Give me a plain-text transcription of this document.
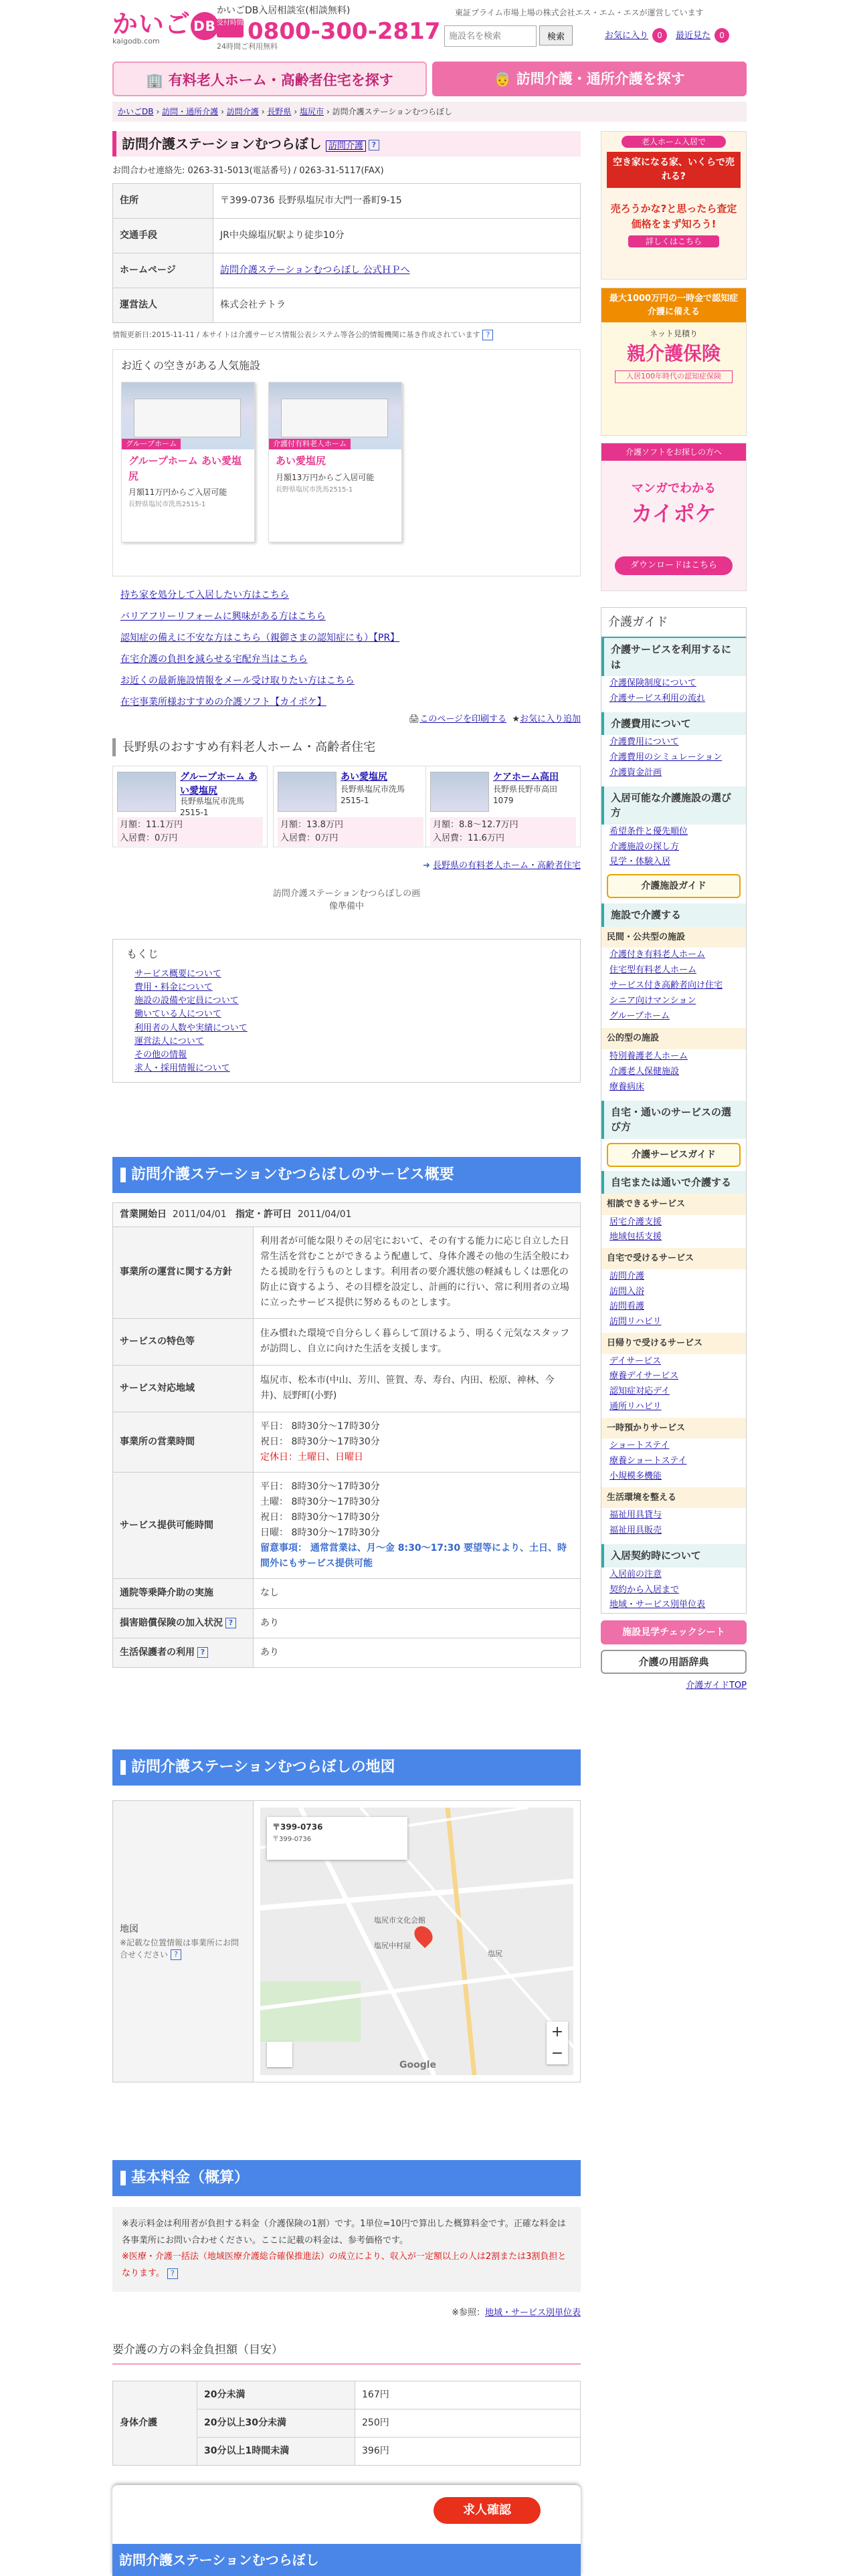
かいご DB
kaigodb.com
かいごDB入居相談室(相談無料)
受付時間 0800-300-2817
24時間ご利用無料
東証プライム市場上場の株式会社エス・エム・エスが運営しています
施設名を検索
検索	お気に入り 0	最近見た 0
🏢 有料老人ホーム・高齢者住宅を探す	👵 訪問介護・通所介護を探す
かいごDB › 訪問・通所介護 › 訪問介護 › 長野県 › 塩尻市 › 訪問介護ステーションむつらぼし
訪問介護ステーションむつらぼし 訪問介護 ?
お問合わせ連絡先: 0263-31-5013(電話番号) / 0263-31-5117(FAX)
住所	〒399-0736 長野県塩尻市大門一番町9-15
交通手段	JR中央線塩尻駅より徒歩10分
ホームページ	訪問介護ステーションむつらぼし 公式ＨＰへ
運営法人	株式会社テトラ
情報更新日:2015-11-11 / 本サイトは介護サービス情報公表システム等各公的情報機関に基き作成されています ?
お近くの空きがある人気施設
グループホーム
グループホーム あい愛塩尻
月額11万円からご入居可能
長野県塩尻市洗馬2515-1
介護付有料老人ホーム
あい愛塩尻
月額13万円からご入居可能
長野県塩尻市洗馬2515-1
持ち家を処分して入居したい方はこちら
バリアフリーリフォームに興味がある方はこちら
認知症の備えに不安な方はこちら（親御さまの認知症にも）【PR】
在宅介護の負担を減らせる宅配弁当はこちら
お近くの最新施設情報をメール受け取りたい方はこちら
在宅事業所様おすすめの介護ソフト【カイポケ】
🖨このページを印刷する ★お気に入り追加
長野県のおすすめ有料老人ホーム・高齢者住宅
グループホーム あい愛塩尻
長野県塩尻市洗馬2515-1
月額：11.1万円
入居費：0万円
あい愛塩尻
長野県塩尻市洗馬2515-1
月額：13.8万円
入居費：0万円
ケアホーム高田
長野県長野市高田1079
月額：8.8〜12.7万円
入居費：11.6万円
➜ 長野県の有料老人ホーム・高齢者住宅
訪問介護ステーションむつらぼしの画像準備中
もくじ
サービス概要について
費用・料金について
施設の設備や定員について
働いている人について
利用者の人数や実績について
運営法人について
その他の情報
求人・採用情報について
訪問介護ステーションむつらぼしのサービス概要
営業開始日 2011/04/01 指定・許可日 2011/04/01	
事業所の運営に関する方針	利用者が可能な限りその居宅において、その有する能力に応じ自立した日常生活を営むことができるよう配慮して、身体介護その他の生活全般にわたる援助を行うものとします。利用者の要介護状態の軽減もしくは悪化の防止に資するよう、その目標を設定し、計画的に行い、常に利用者の立場に立ったサービス提供に努めるものとします。
サービスの特色等	住み慣れた環境で自分らしく暮らして頂けるよう、明るく元気なスタッフが訪問し、自立に向けた生活を支援します。
サービス対応地域	塩尻市、松本市(中山、芳川、笹賀、寿、寿台、内田、松原、神林、今井)、辰野町(小野)
事業所の営業時間	平日： 8時30分〜17時30分
祝日： 8時30分〜17時30分
定休日：土曜日、日曜日

サービス提供可能時間	平日： 8時30分〜17時30分
土曜： 8時30分〜17時30分
祝日： 8時30分〜17時30分
日曜： 8時30分〜17時30分
留意事項： 通常営業は、月〜金 8:30〜17:30 要望等により、土日、時間外にもサービス提供可能

通院等乗降介助の実施	なし
損害賠償保険の加入状況 ?	あり
生活保護者の利用 ?	あり
訪問介護ステーションむつらぼしの地図
地図
※記載な位置情報は事業所にお問合せください ?

〒399-0736
〒399-0736
塩尻市文化会館
塩尻中村屋
塩尻
+
−
Google
基本料金（概算）
※表示料金は利用者が負担する料金（介護保険の1割）です。1単位=10円で算出した概算料金です。正確な料金は各事業所にお問い合わせください。ここに記載の料金は、参考価格です。
※医療・介護一括法（地域医療介護総合確保推進法）の成立により、収入が一定額以上の人は2割または3割負担となります。 ?
※参照：地域・サービス別単位表
要介護の方の料金負担額（目安）
身体介護	20分未満	167円
	20分以上30分未満	250円
	30分以上1時間未満	396円
求人確認
訪問介護ステーションむつらぼし
老人ホーム入居で
空き家になる家、いくらで売れる?
売ろうかな?と思ったら査定価格をまず知ろう!
詳しくはこちら
最大1000万円の一時金で認知症介護に備える
ネット見積り
親介護保険
入居100年時代の認知症保険
介護ソフトをお探しの方へ
マンガでわかる
カイポケ
ダウンロードはこちら
介護ガイド
介護サービスを利用するには
介護保険制度について
介護サービス利用の流れ
介護費用について
介護費用について
介護費用のシミュレーション
介護資金計画
入居可能な介護施設の選び方
希望条件と優先順位
介護施設の探し方
見学・体験入居
介護施設ガイド
施設で介護する
民間・公共型の施設
介護付き有料老人ホーム
住宅型有料老人ホーム
サービス付き高齢者向け住宅
シニア向けマンション
グループホーム
公的型の施設
特別養護老人ホーム
介護老人保健施設
療養病床
自宅・通いのサービスの選び方
介護サービスガイド
自宅または通いで介護する
相談できるサービス
居宅介護支援
地域包括支援
自宅で受けるサービス
訪問介護
訪問入浴
訪問看護
訪問リハビリ
日帰りで受けるサービス
デイサービス
療養デイサービス
認知症対応デイ
通所リハビリ
一時預かりサービス
ショートステイ
療養ショートステイ
小規模多機能
生活環境を整える
福祉用具貸与
福祉用具販売
入居契約時について
入居前の注意
契約から入居まで
地域・サービス別単位表
施設見学チェックシート
介護の用語辞典
介護ガイドTOP
